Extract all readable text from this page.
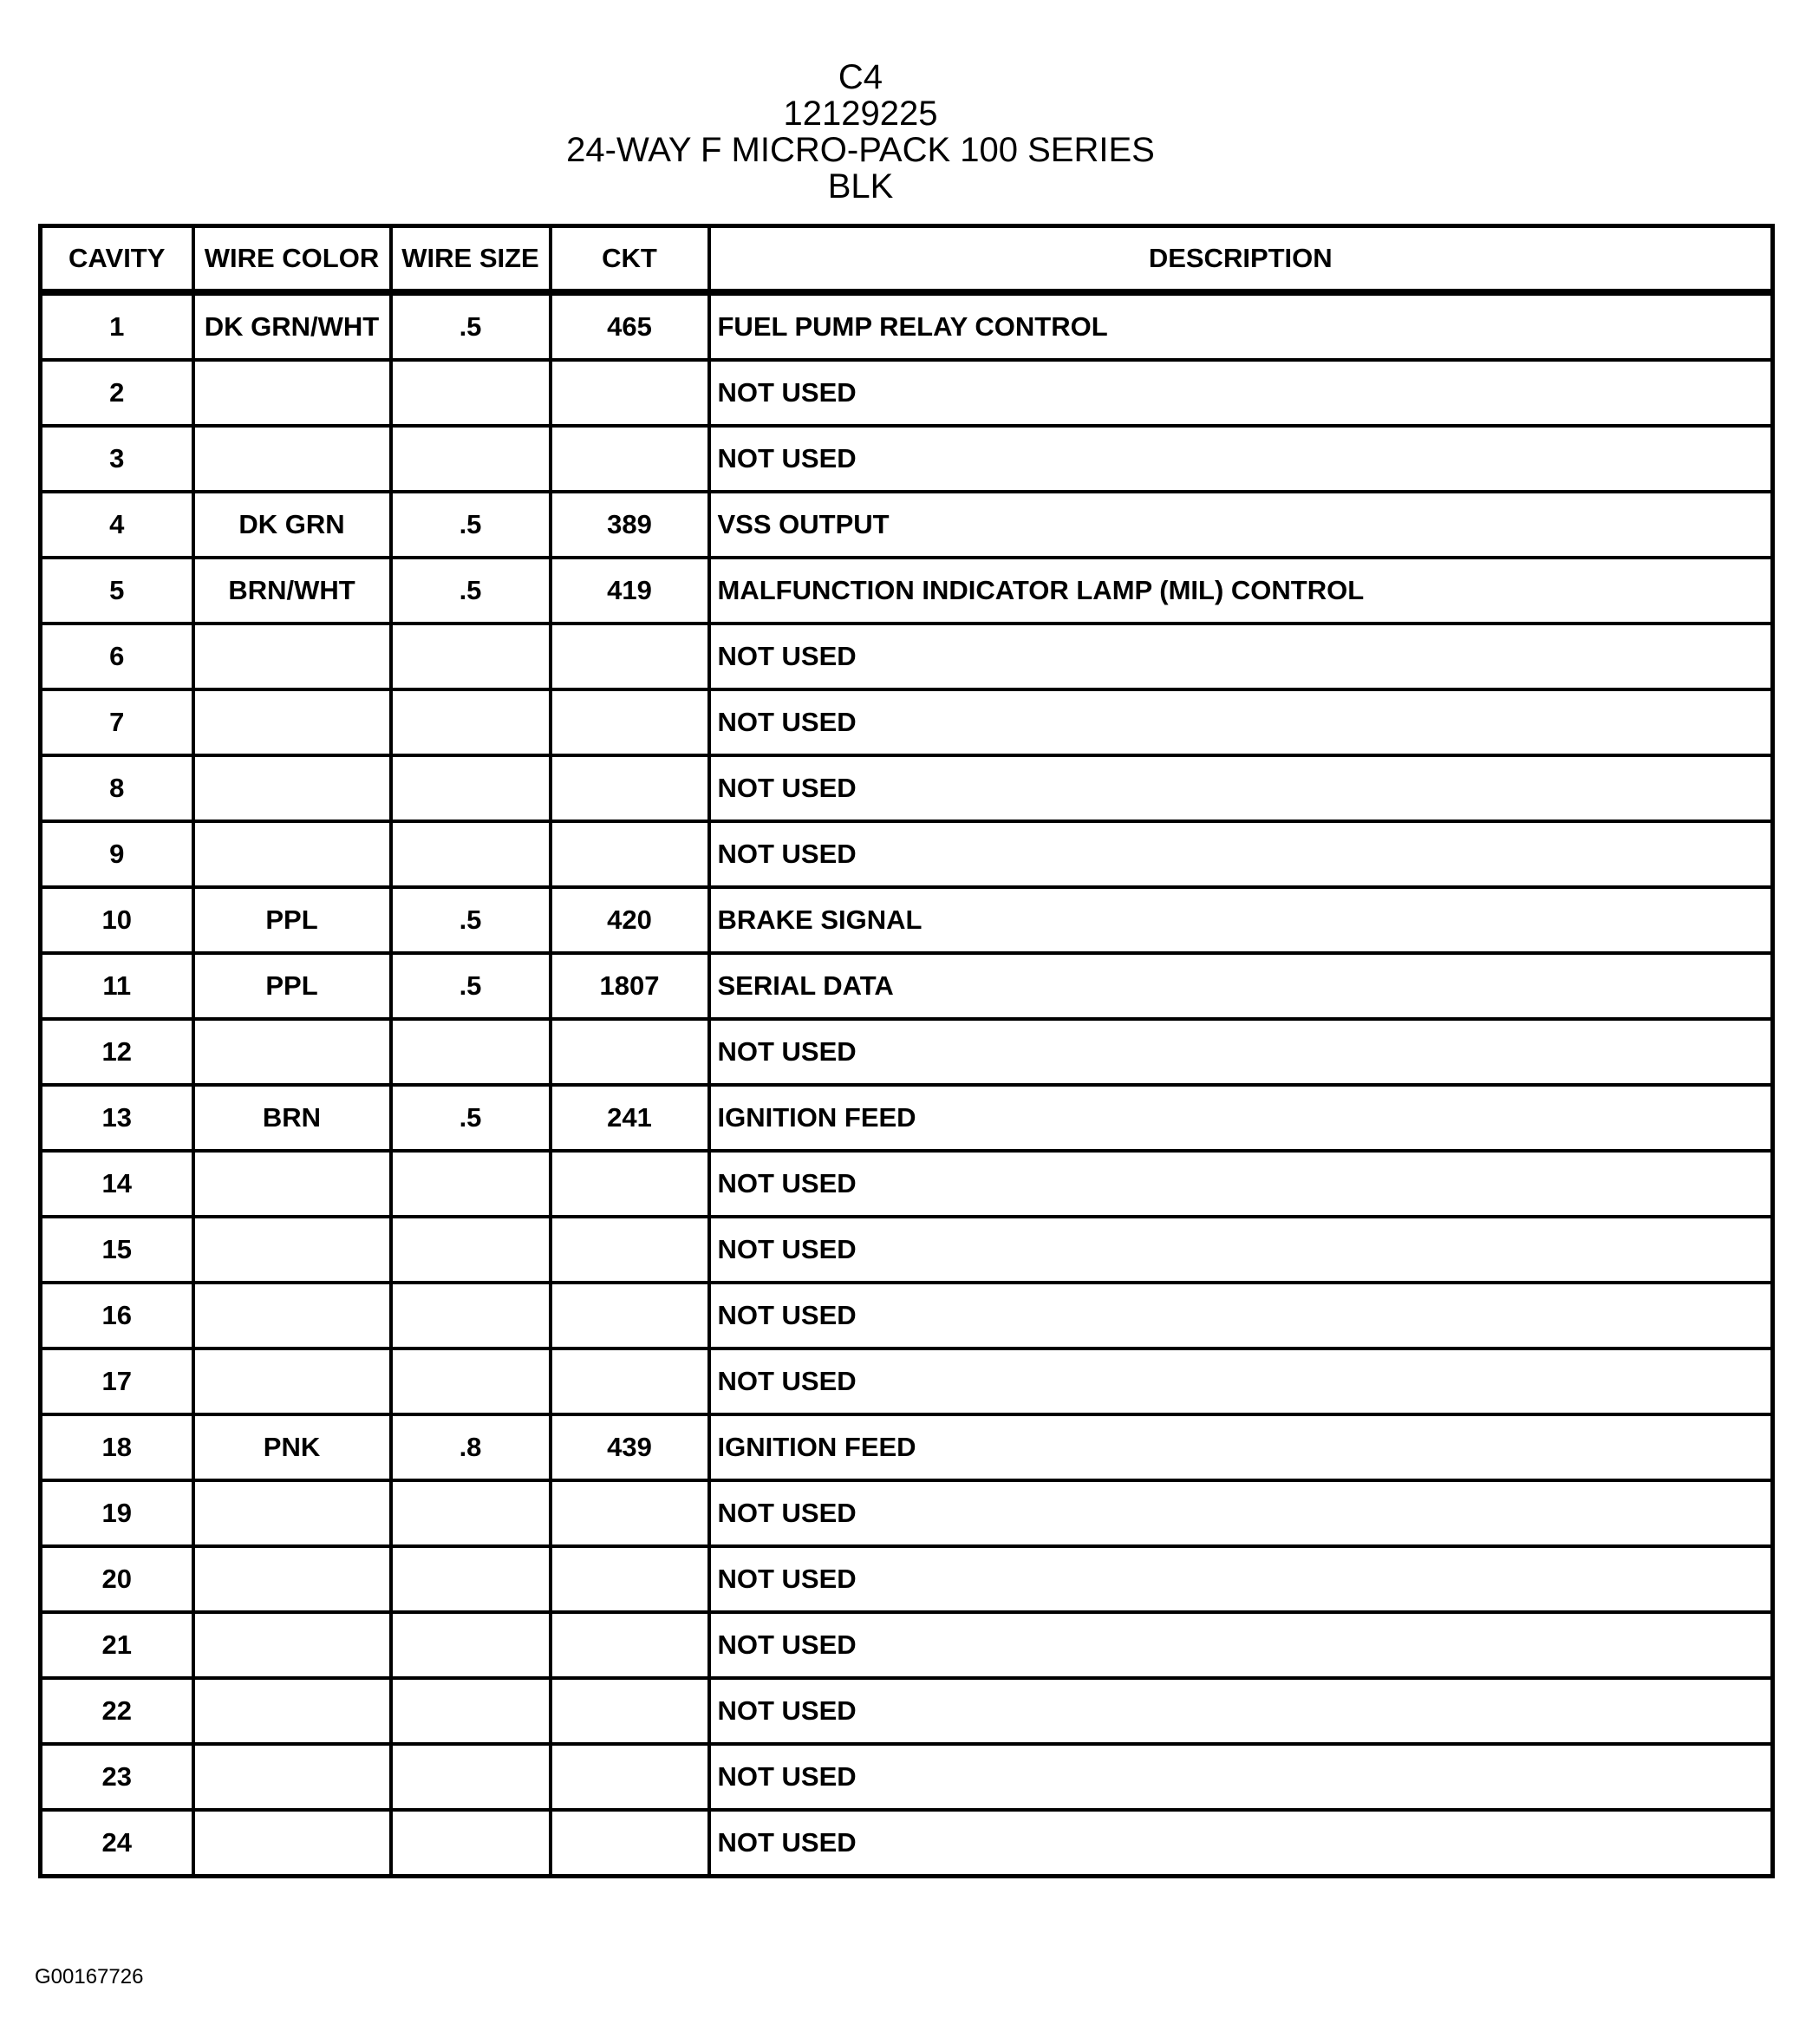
C4
12129225
24-WAY F MICRO-PACK 100 SERIES
BLK
CAVITY	WIRE COLOR	WIRE SIZE	CKT	DESCRIPTION
1	DK GRN/WHT	.5	465	FUEL PUMP RELAY CONTROL
2				NOT USED
3				NOT USED
4	DK GRN	.5	389	VSS OUTPUT
5	BRN/WHT	.5	419	MALFUNCTION INDICATOR LAMP (MIL) CONTROL
6				NOT USED
7				NOT USED
8				NOT USED
9				NOT USED
10	PPL	.5	420	BRAKE SIGNAL
11	PPL	.5	1807	SERIAL DATA
12				NOT USED
13	BRN	.5	241	IGNITION FEED
14				NOT USED
15				NOT USED
16				NOT USED
17				NOT USED
18	PNK	.8	439	IGNITION FEED
19				NOT USED
20				NOT USED
21				NOT USED
22				NOT USED
23				NOT USED
24				NOT USED
G00167726
